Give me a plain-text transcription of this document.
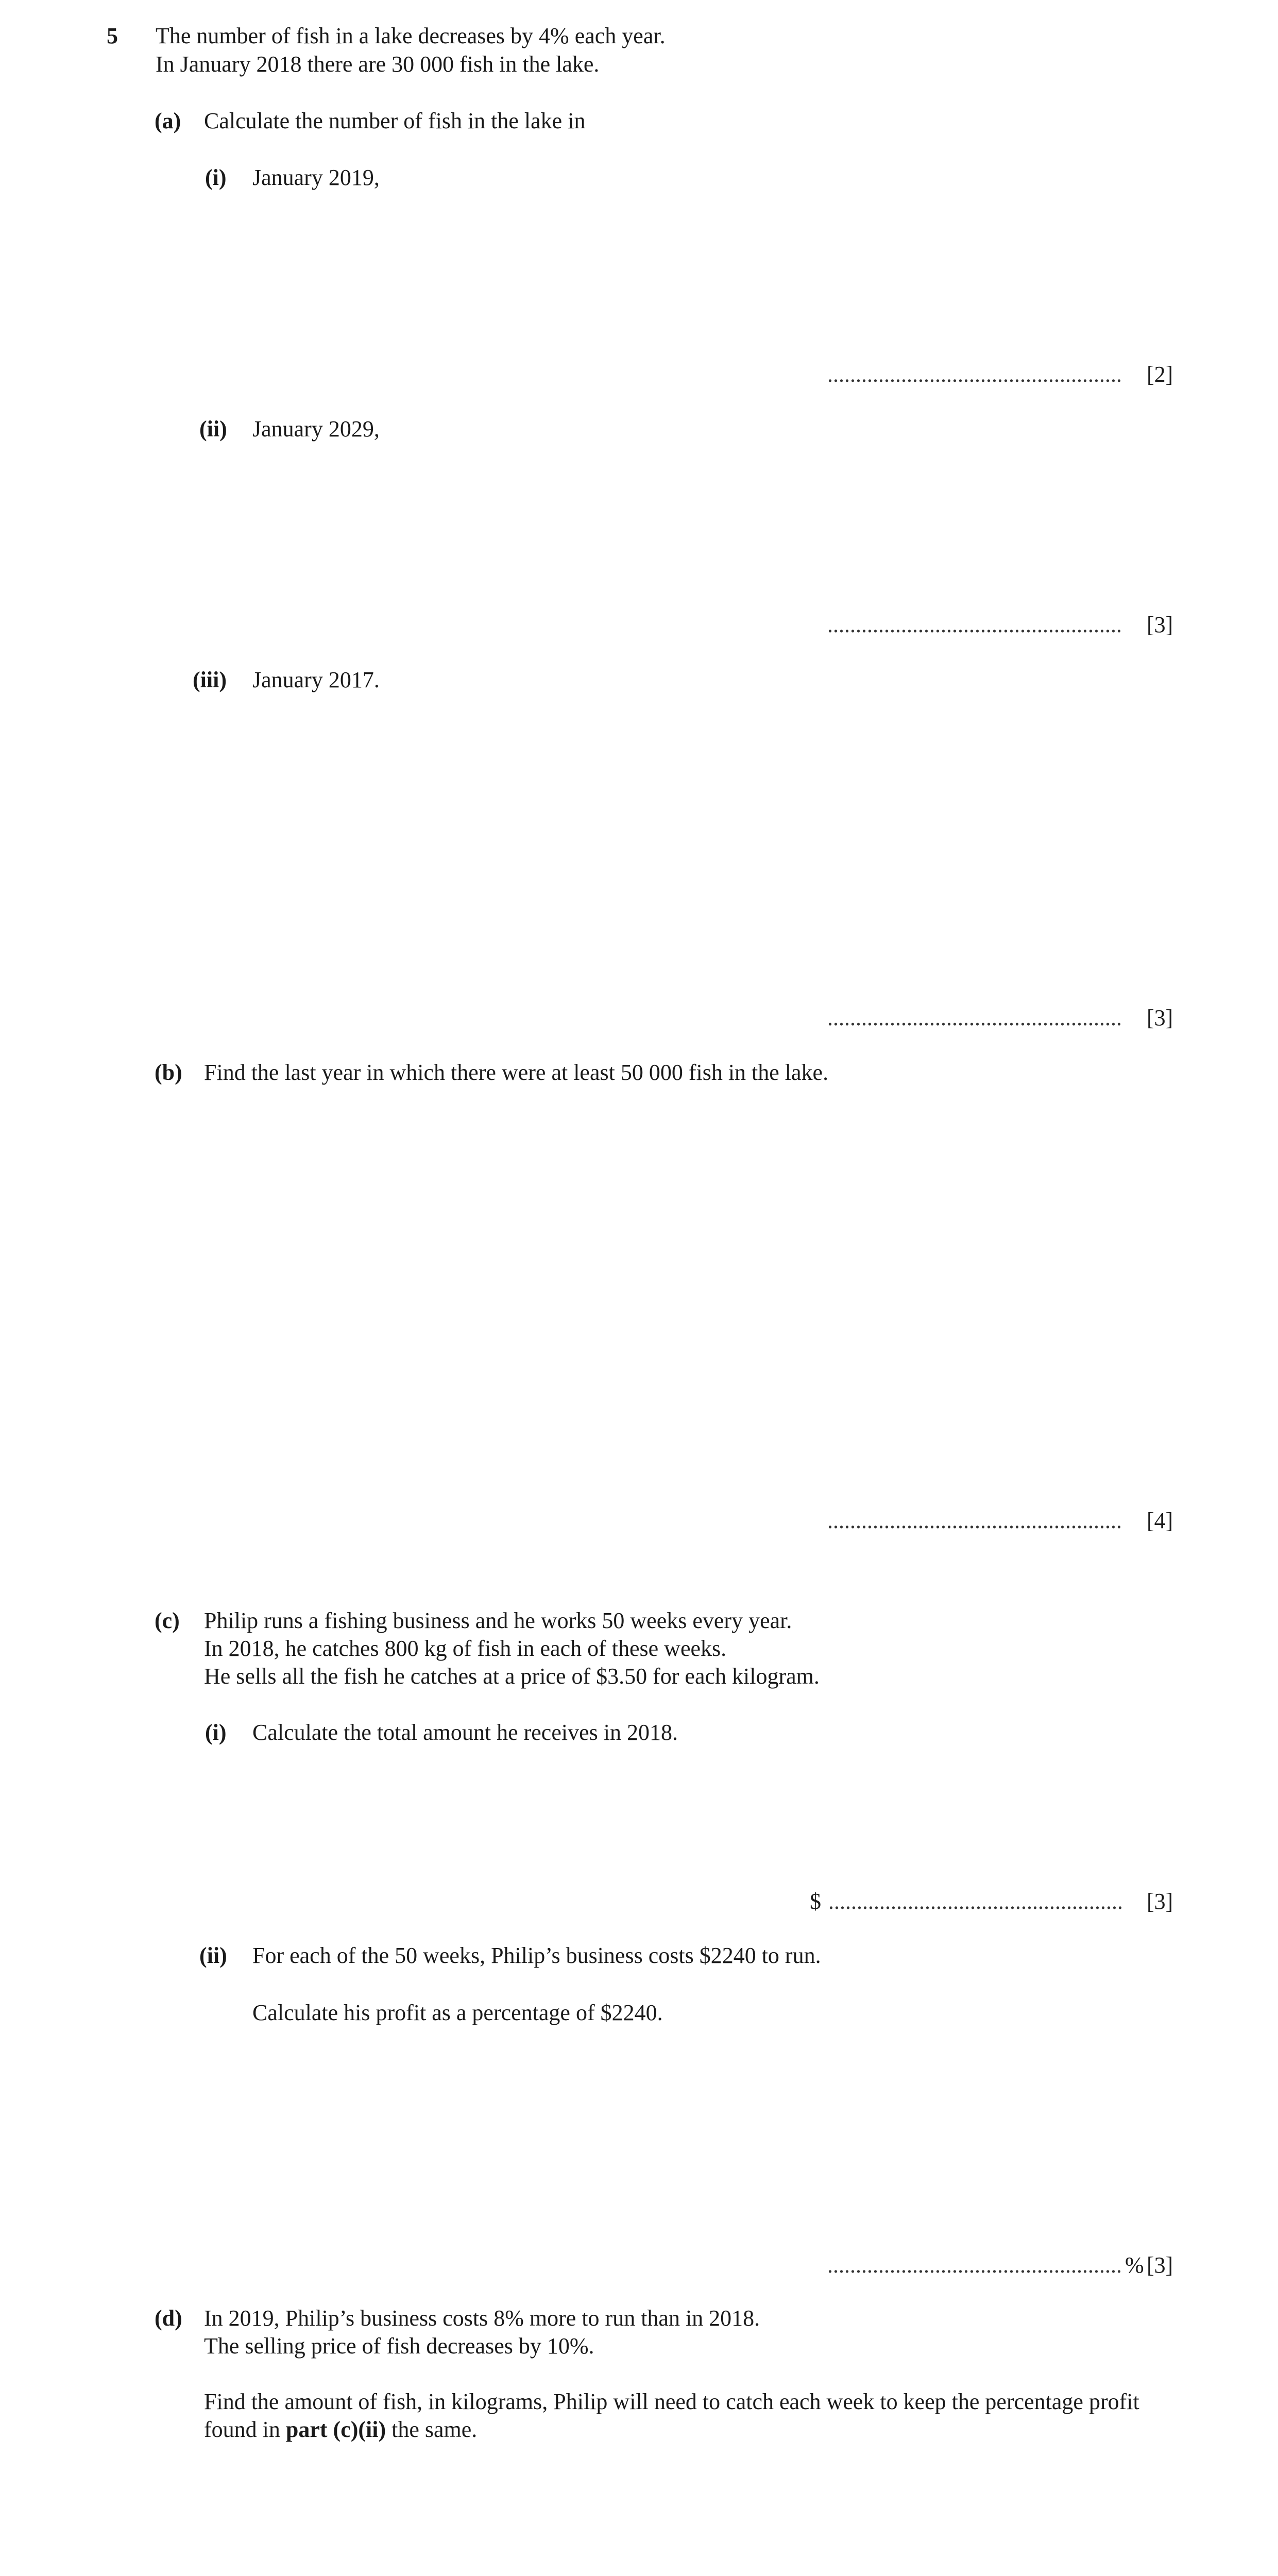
5 The number of fish in a lake decreases by 4% each year.
In January 2018 there are 30 000 fish in the lake.
(a) Calculate the number of fish in the lake in
(i) January 2019,
.................................................... [2]
(ii) January 2029,
.................................................... [3]
(iii) January 2017.
.................................................... [3]
(b) Find the last year in which there were at least 50 000 fish in the lake.
.................................................... [4]
(c) Philip runs a fishing business and he works 50 weeks every year.
In 2018, he catches 800 kg of fish in each of these weeks.
He sells all the fish he catches at a price of $3.50 for each kilogram.
(i) Calculate the total amount he receives in 2018.
$ .................................................... [3]
(ii) For each of the 50 weeks, Philip’s business costs $2240 to run.
Calculate his profit as a percentage of $2240.
.................................................... % [3]
(d) In 2019, Philip’s business costs 8% more to run than in 2018.
The selling price of fish decreases by 10%.
Find the amount of fish, in kilograms, Philip will need to catch each week to keep the percentage profit
found in part (c)(ii) the same.
